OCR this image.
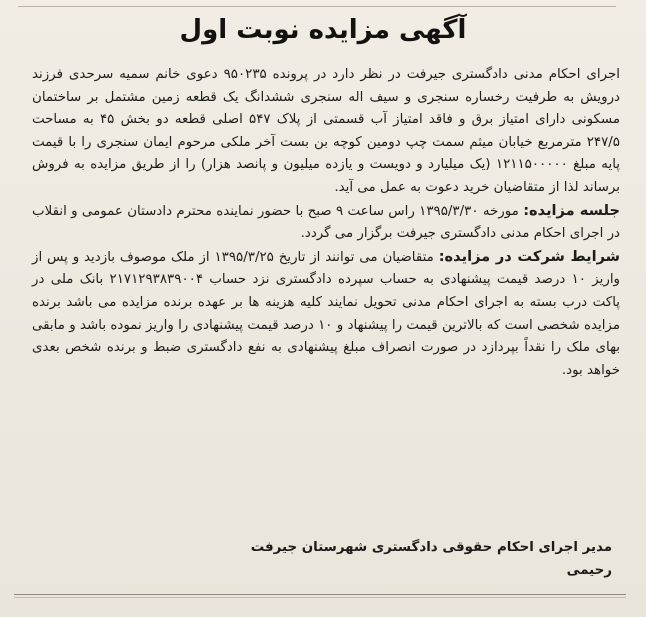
آگهی مزایده نوبت اول

اجرای احکام مدنی دادگستری جیرفت در نظر دارد در پرونده ۹۵۰۲۳۵ دعوی خانم سمیه سرحدی فرزند درویش به طرفیت رخساره سنجری و سیف اله سنجری ششدانگ یک قطعه زمین مشتمل بر ساختمان مسکونی دارای امتیاز برق و فاقد امتیاز آب قسمتی از پلاک ۵۴۷ اصلی قطعه دو بخش ۴۵ به مساحت ۲۴۷/۵ مترمربع خیابان میثم سمت چپ دومین کوچه بن بست آخر ملکی مرحوم ایمان سنجری را با قیمت پایه مبلغ ۱۲۱۱۵۰۰۰۰۰ (یک میلیارد و دویست و یازده میلیون و پانصد هزار) را از طریق مزایده به فروش برساند لذا از متقاضیان خرید دعوت به عمل می آید.

جلسه مزایده: مورخه ۱۳۹۵/۳/۳۰ راس ساعت ۹ صبح با حضور نماینده محترم دادستان عمومی و انقلاب در اجرای احکام مدنی دادگستری جیرفت برگزار می گردد.

شرایط شرکت در مزایده: متقاضیان می توانند از تاریخ ۱۳۹۵/۳/۲۵ از ملک موصوف بازدید و پس از واریز ۱۰ درصد قیمت پیشنهادی به حساب سپرده دادگستری نزد حساب ۲۱۷۱۲۹۳۸۳۹۰۰۴ بانک ملی در پاکت درب بسته به اجرای احکام مدنی تحویل نمایند کلیه هزینه ها بر عهده برنده مزایده می باشد برنده مزایده شخصی است که بالاترین قیمت را پیشنهاد و ۱۰ درصد قیمت پیشنهادی را واریز نموده باشد و مابقی بهای ملک را نقداً بپردازد در صورت انصراف مبلغ پیشنهادی به نفع دادگستری ضبط و برنده شخص بعدی خواهد بود.

مدیر اجرای احکام حقوقی دادگستری شهرستان جیرفت
رحیمی
